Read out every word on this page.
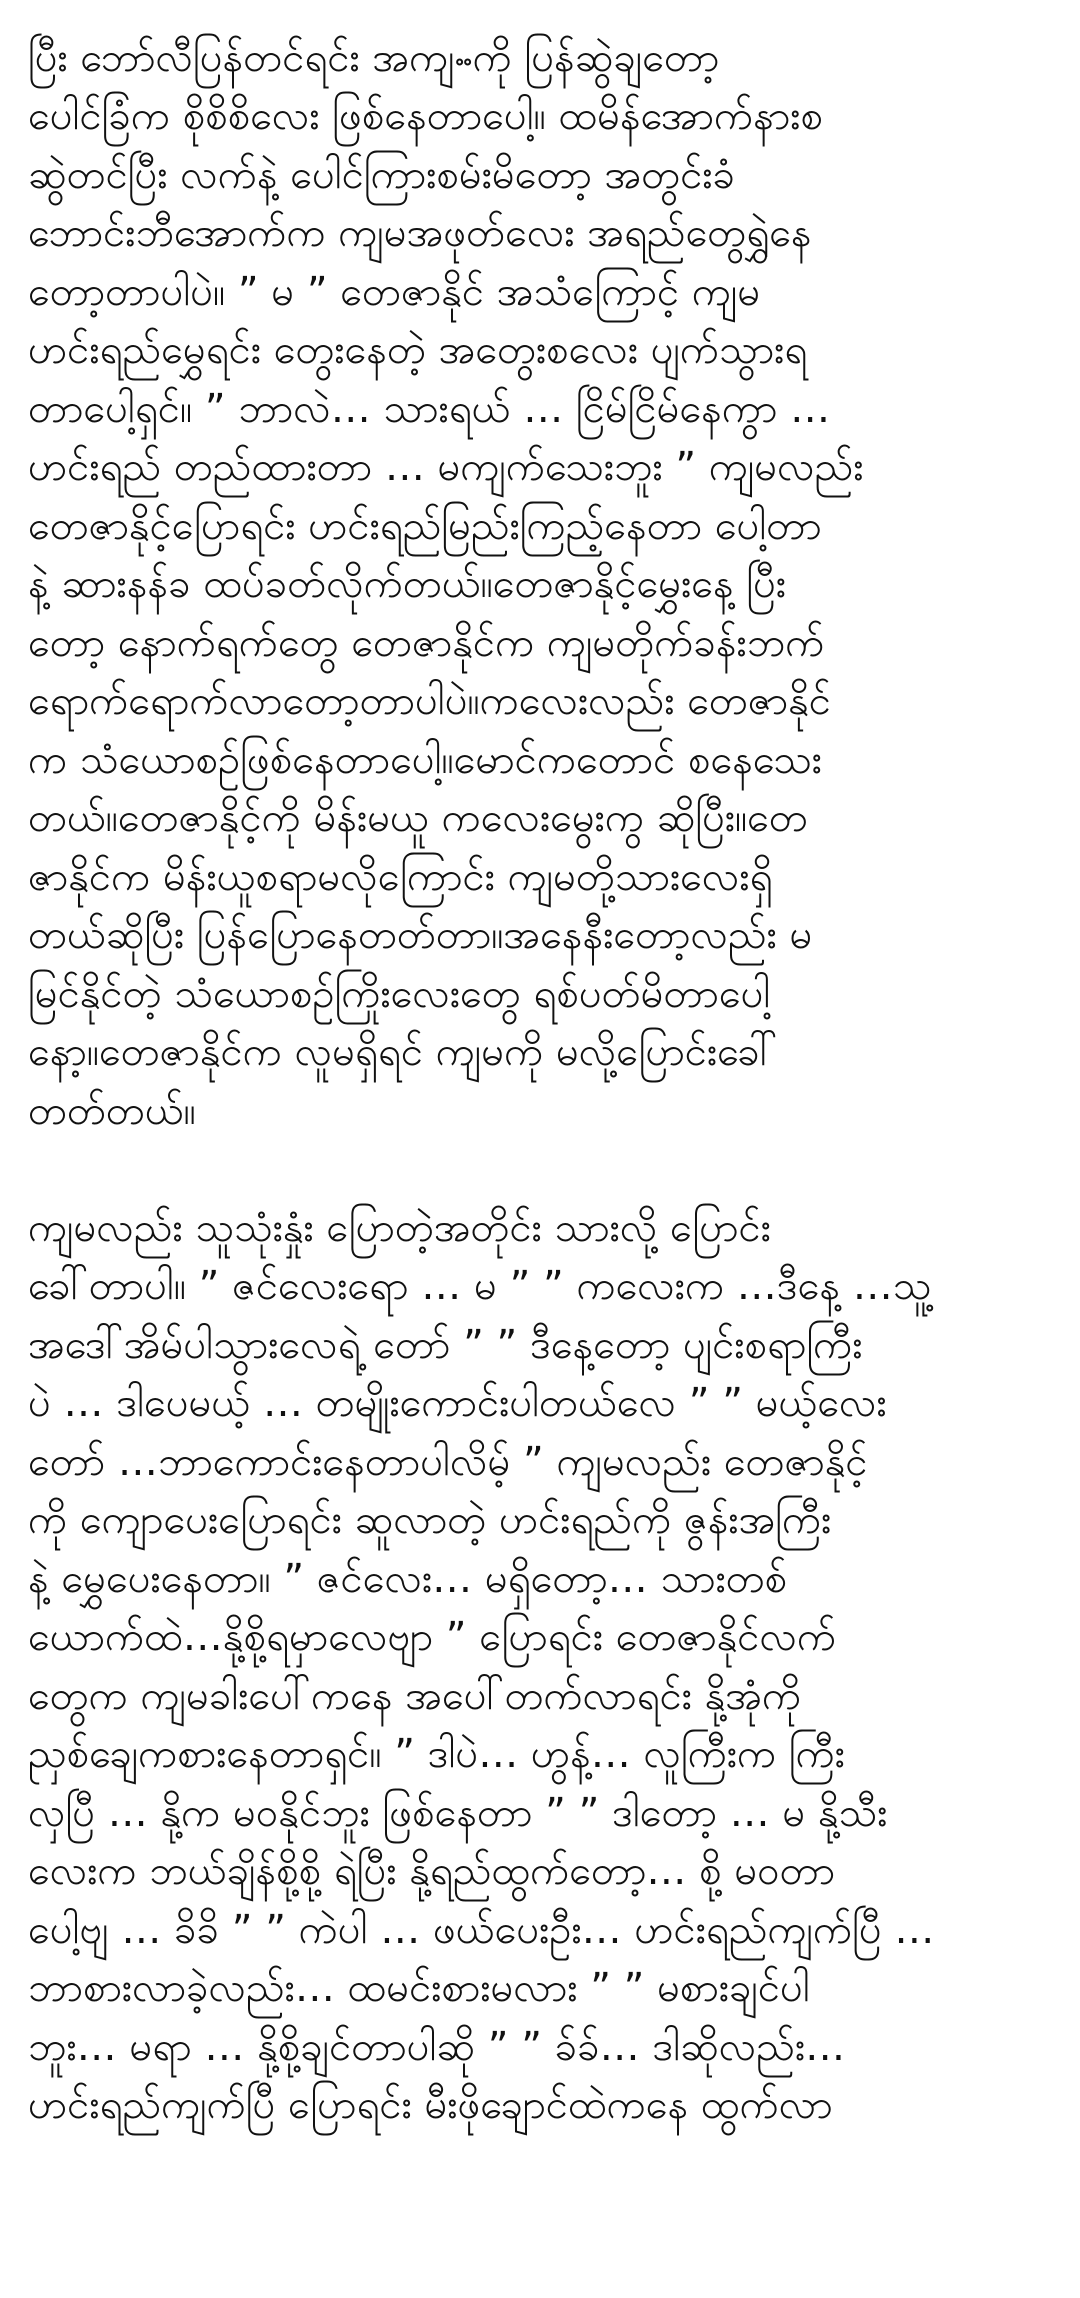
ပြီး ဘော်လီပြန်တင်ရင်း အကျႌကို ပြန်ဆွဲချတော့
ပေါင်ခြံက စိုစိစိလေး ဖြစ်နေတာပေါ့။ ထမိန်အောက်နားစ
ဆွဲတင်ပြီး လက်နဲ့ ပေါင်ကြားစမ်းမိတော့ အတွင်းခံ
ဘောင်းဘီအောက်က ကျမအဖုတ်လေး အရည်တွေရွှဲနေ
တော့တာပါပဲ။ ” မ ” တေဇာနိုင် အသံကြောင့် ကျမ
ဟင်းရည်မွှေရင်း တွေးနေတဲ့ အတွေးစလေး ပျက်သွားရ
တာပေါ့ရှင်။ ” ဘာလဲ… သားရယ် … ငြိမ်ငြိမ်နေကွာ …
ဟင်းရည် တည်ထားတာ … မကျက်သေးဘူး ” ကျမလည်း
တေဇာနိုင့်ပြောရင်း ဟင်းရည်မြည်းကြည့်နေတာ ပေါ့တာ
နဲ့ ဆားနန်ခ ထပ်ခတ်လိုက်တယ်။တေဇာနိုင့်မွှေးနေ့ ပြီး
တော့ နောက်ရက်တွေ တေဇာနိုင်က ကျမတိုက်ခန်းဘက်
ရောက်ရောက်လာတော့တာပါပဲ။ကလေးလည်း တေဇာနိုင်
က သံယောစဉ်ဖြစ်နေတာပေါ့။မောင်ကတောင် စနေသေး
တယ်။တေဇာနိုင့်ကို မိန်းမယူ ကလေးမွေးကွ ဆိုပြီး။တေ
ဇာနိုင်က မိန်းယူစရာမလိုကြောင်း ကျမတို့သားလေးရှိ
တယ်ဆိုပြီး ပြန်ပြောနေတတ်တာ။အနေနီးတော့လည်း မ
မြင်နိုင်တဲ့ သံယောစဉ်ကြိုးလေးတွေ ရစ်ပတ်မိတာပေါ့
နော့။တေဇာနိုင်က လူမရှိရင် ကျမကို မလို့ပြောင်းခေါ်
တတ်တယ်။
ကျမလည်း သူသုံးနှုံး ပြောတဲ့အတိုင်း သားလို့ ပြောင်း
ခေါ်တာပါ။ ” ဇင်လေးရော … မ ” ” ကလေးက …ဒီနေ့ …သူ့
အဒေါ်အိမ်ပါသွားလေရဲ့ တော် ” ” ဒီနေ့တော့ ပျင်းစရာကြီး
ပဲ … ဒါပေမယ့် … တမျိုးကောင်းပါတယ်လေ ” ” မယ့်လေး
တော် …ဘာကောင်းနေတာပါလိမ့် ” ကျမလည်း တေဇာနိုင့်
ကို ကျောပေးပြောရင်း ဆူလာတဲ့ ဟင်းရည်ကို ဇွန်းအကြီး
နဲ့ မွှေပေးနေတာ။ ” ဇင်လေး… မရှိတော့… သားတစ်
ယောက်ထဲ…နို့စို့ရမှာလေဗျာ ” ပြောရင်း တေဇာနိုင်လက်
တွေက ကျမခါးပေါ်ကနေ အပေါ်တက်လာရင်း နို့အုံကို
ညှစ်ချေကစားနေတာရှင်။ ” ဒါပဲ… ဟွန့်… လူကြီးက ကြီး
လှပြီ … နို့က မဝနိုင်ဘူး ဖြစ်နေတာ ” ” ဒါတော့ … မ နို့သီး
လေးက ဘယ်ချိန်စို့စို့ ရဲပြီး နို့ရည်ထွက်တော့… စို့ မဝတာ
ပေါ့ဗျ … ခိခိ ” ” ကဲပါ … ဖယ်ပေးဦး… ဟင်းရည်ကျက်ပြီ …
ဘာစားလာခဲ့လည်း… ထမင်းစားမလား ” ” မစားချင်ပါ
ဘူး… မရာ … နို့စို့ချင်တာပါဆို ” ” ခ်ခ်… ဒါဆိုလည်း…
ဟင်းရည်ကျက်ပြီ ပြောရင်း မီးဖိုချောင်ထဲကနေ ထွက်လာ
